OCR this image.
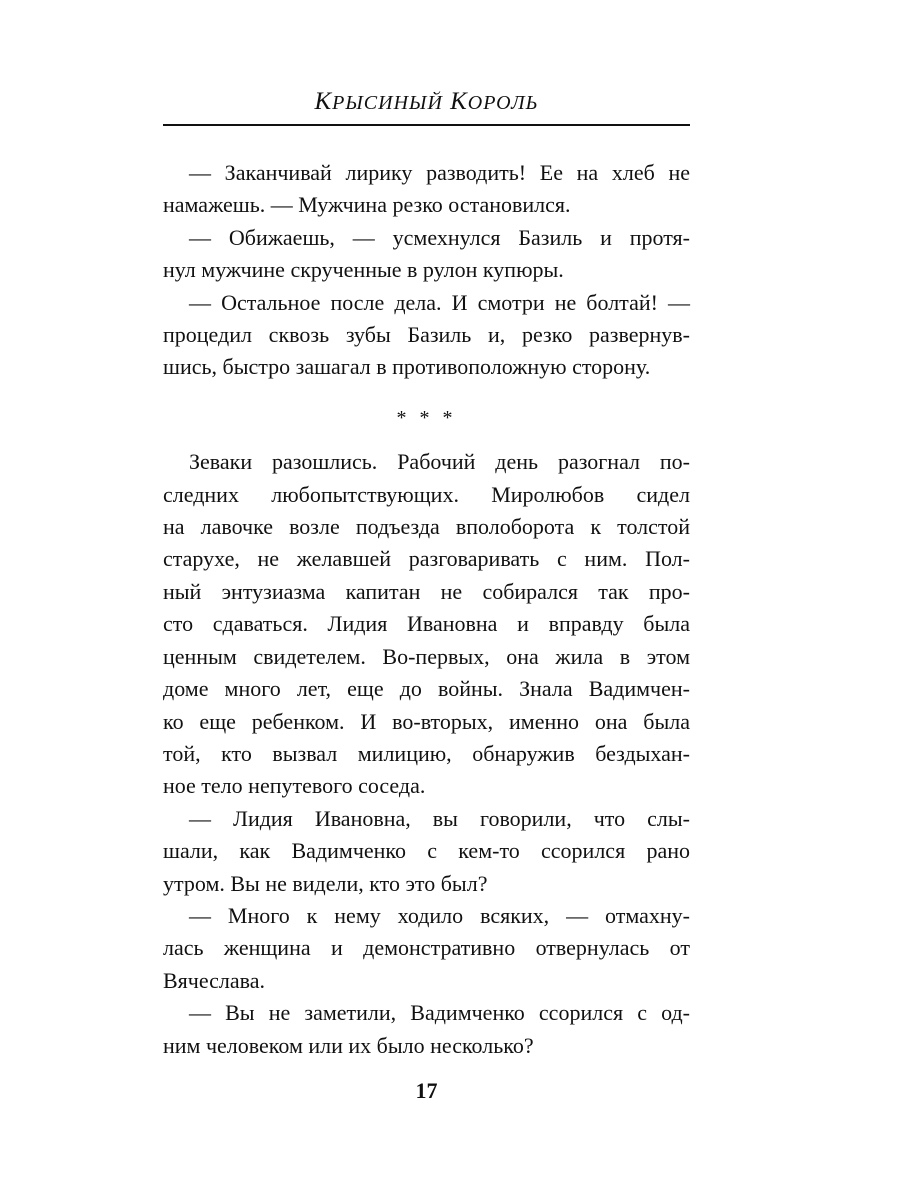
КРЫСИНЫЙ КОРОЛЬ
— Заканчивай лирику разводить! Ее на хлеб не
намажешь. — Мужчина резко остановился.
— Обижаешь, — усмехнулся Базиль и протя-
нул мужчине скрученные в рулон купюры.
— Остальное после дела. И смотри не болтай! —
процедил сквозь зубы Базиль и, резко развернув-
шись, быстро зашагал в противоположную сторону.
* * *
Зеваки разошлись. Рабочий день разогнал по-
следних любопытствующих. Миролюбов сидел
на лавочке возле подъезда вполоборота к толстой
старухе, не желавшей разговаривать с ним. Пол-
ный энтузиазма капитан не собирался так про-
сто сдаваться. Лидия Ивановна и вправду была
ценным свидетелем. Во-первых, она жила в этом
доме много лет, еще до войны. Знала Вадимчен-
ко еще ребенком. И во-вторых, именно она была
той, кто вызвал милицию, обнаружив бездыхан-
ное тело непутевого соседа.
— Лидия Ивановна, вы говорили, что слы-
шали, как Вадимченко с кем-то ссорился рано
утром. Вы не видели, кто это был?
— Много к нему ходило всяких, — отмахну-
лась женщина и демонстративно отвернулась от
Вячеслава.
— Вы не заметили, Вадимченко ссорился с од-
ним человеком или их было несколько?
17
